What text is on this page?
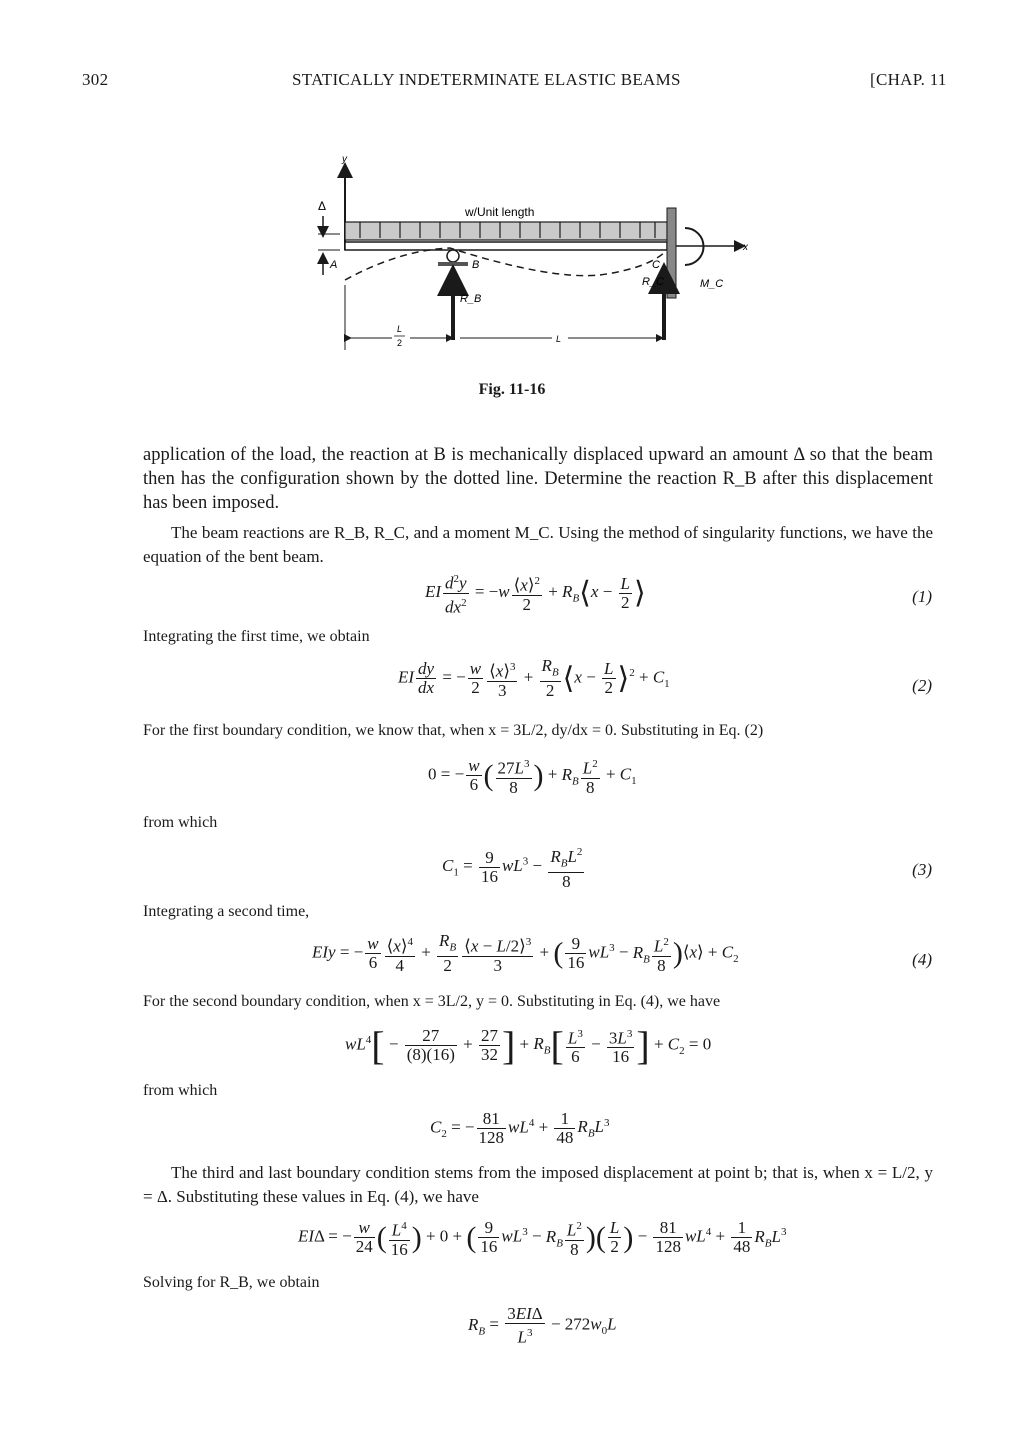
302	STATICALLY INDETERMINATE ELASTIC BEAMS	[CHAP. 11
y
Δ
A
w/Unit length
B
R_B
C
R_C
x
M_C
L
2	L
Fig. 11-16
application of the load, the reaction at B is mechanically displaced upward an amount Δ so that the beam then has the configuration shown by the dotted line. Determine the reaction R_B after this displacement has been imposed.
The beam reactions are R_B, R_C, and a moment M_C. Using the method of singularity functions, we have the equation of the bent beam.
EI $\frac{d^2y}{dx^2} = -w \frac{⟨x⟩^2}{2}$ + $R_B⟨x - \frac{L}{2}$ ⟩	(1)
Integrating the first time, we obtain
EI $\frac{dy}{dx}$ = − $\frac{w}{2} \frac{⟨x⟩^3}{3} + \frac{R_B}{2}$ ⟨x − $\frac{L}{2}$ ⟩$^2$ + $C_1$	(2)
For the first boundary condition, we know that, when x = 3L/2, dy/dx = 0. Substituting in Eq. (2)
0 = − $\frac{w}{6}$ ( $\frac{27L^3}{8}$ ) + $R_B \frac{L^2}{8} + C_1$
from which
$C_1 = \frac{9}{16} wL^3 - R_BL^2$
8
(3)
Integrating a second time,
EIy = − $\frac{w}{6} \frac{⟨x⟩^4}{4} + \frac{R_B}{2} \frac{⟨x - L/2⟩^3}{3}$ + ( $\frac{9}{16} wL^3 - R_B \frac{L^2}{8}$ )⟨x⟩ + $C_2$	(4)
For the second boundary condition, when x = 3L/2, y = 0. Substituting in Eq. (4), we have
$wL^4[ - \frac{27}{(8)(16)} + \frac{27}{32}$ ] + $R_B[ \frac{L^3}{6} - \frac{3L^3}{16}$ ] + $C_2 = 0$
from which
$C_2$ = − $\frac{81}{128} wL^4 + \frac{1}{48} R_BL^3$
The third and last boundary condition stems from the imposed displacement at point b; that is, when x = L/2, y = Δ. Substituting these values in Eq. (4), we have
EIΔ = − $\frac{w}{24}$ ( $\frac{L^4}{16}$ ) + 0 + ( $\frac{9}{16} wL^3 - R_B \frac{L^2}{8}$ )( $\frac{L}{2}$ ) − $\frac{81}{128} wL^4 + \frac{1}{48} R_BL^3$
Solving for R_B, we obtain
$R_B$ =
3EIΔ
$L^3 - 272w_0L$
